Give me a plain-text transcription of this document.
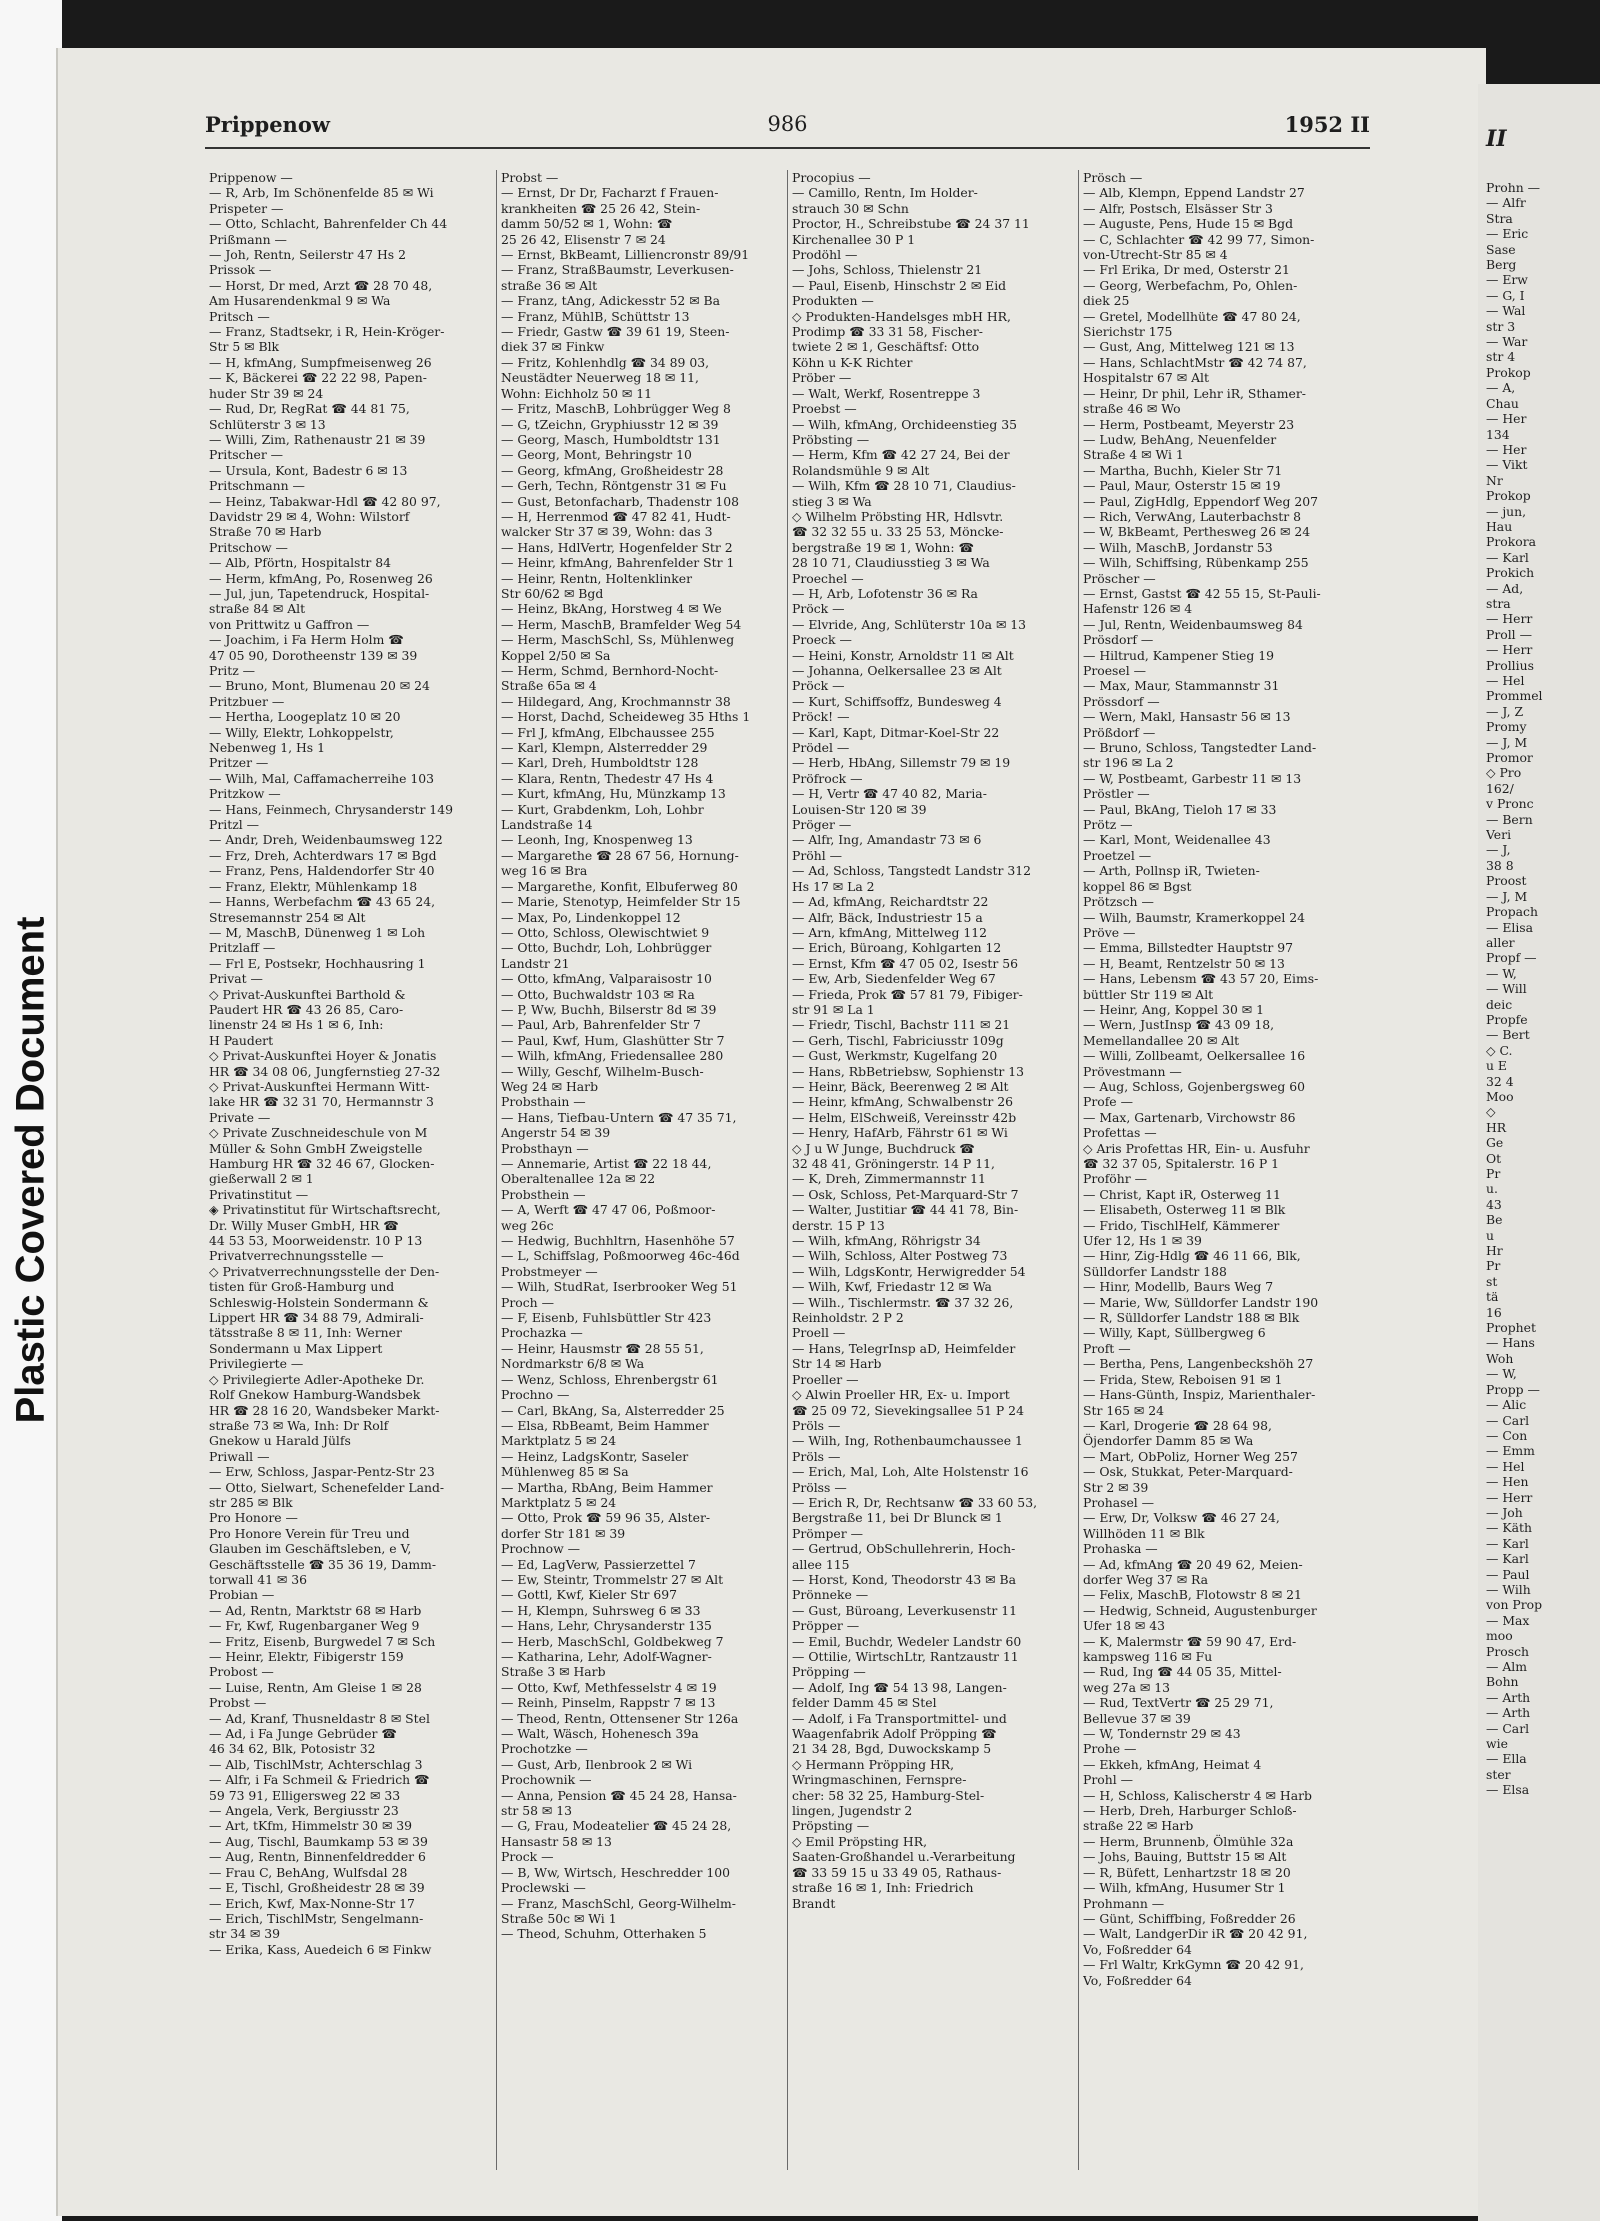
Plastic Covered Document
II
Prohn —
— Alfr
Stra
— Eric
Sase
Berg
— Erw
— G, I
— Wal
str 3
— War
str 4
Prokop
— A,
Chau
— Her
134
— Her
— Vikt
Nr
Prokop
— jun,
Hau
Prokora
— Karl
Prokich
— Ad,
stra
— Herr
Proll —
— Herr
Prollius
— Hel
Prommel
— J, Z
Promy
— J, M
Promor
◇ Pro
162/
v Pronc
— Bern
Veri
— J,
38 8
Proost
— J, M
Propach
— Elisa
aller
Propf —
— W,
— Will
deic
Propfe
— Bert
◇ C.
u E
32 4
Moo
◇
HR
Ge
Ot
Pr
u.
43
Be
u
Hr
Pr
st
tä
16
Prophet
— Hans
Woh
— W,
Propp —
— Alic
— Carl
— Con
— Emm
— Hel
— Hen
— Herr
— Joh
— Käth
— Karl
— Karl
— Paul
— Wilh
von Prop
— Max
moo
Prosch
— Alm
Bohn
— Arth
— Arth
— Carl
wie
— Ella
ster
— Elsa
Prippenow	986	1952 II
Prippenow —
— R, Arb, Im Schönenfelde 85 ✉ Wi
Prispeter —
— Otto, Schlacht, Bahrenfelder Ch 44
Prißmann —
— Joh, Rentn, Seilerstr 47 Hs 2
Prissok —
— Horst, Dr med, Arzt ☎ 28 70 48,
Am Husarendenkmal 9 ✉ Wa
Pritsch —
— Franz, Stadtsekr, i R, Hein-Kröger-
Str 5 ✉ Blk
— H, kfmAng, Sumpfmeisenweg 26
— K, Bäckerei ☎ 22 22 98, Papen-
huder Str 39 ✉ 24
— Rud, Dr, RegRat ☎ 44 81 75,
Schlüterstr 3 ✉ 13
— Willi, Zim, Rathenaustr 21 ✉ 39
Pritscher —
— Ursula, Kont, Badestr 6 ✉ 13
Pritschmann —
— Heinz, Tabakwar-Hdl ☎ 42 80 97,
Davidstr 29 ✉ 4, Wohn: Wilstorf
Straße 70 ✉ Harb
Pritschow —
— Alb, Pförtn, Hospitalstr 84
— Herm, kfmAng, Po, Rosenweg 26
— Jul, jun, Tapetendruck, Hospital-
straße 84 ✉ Alt
von Prittwitz u Gaffron —
— Joachim, i Fa Herm Holm ☎
47 05 90, Dorotheenstr 139 ✉ 39
Pritz —
— Bruno, Mont, Blumenau 20 ✉ 24
Pritzbuer —
— Hertha, Loogeplatz 10 ✉ 20
— Willy, Elektr, Lohkoppelstr,
Nebenweg 1, Hs 1
Pritzer —
— Wilh, Mal, Caffamacherreihe 103
Pritzkow —
— Hans, Feinmech, Chrysanderstr 149
Pritzl —
— Andr, Dreh, Weidenbaumsweg 122
— Frz, Dreh, Achterdwars 17 ✉ Bgd
— Franz, Pens, Haldendorfer Str 40
— Franz, Elektr, Mühlenkamp 18
— Hanns, Werbefachm ☎ 43 65 24,
Stresemannstr 254 ✉ Alt
— M, MaschB, Dünenweg 1 ✉ Loh
Pritzlaff —
— Frl E, Postsekr, Hochhausring 1
Privat —
◇ Privat-Auskunftei Barthold &
Paudert HR ☎ 43 26 85, Caro-
linenstr 24 ✉ Hs 1 ✉ 6, Inh:
H Paudert
◇ Privat-Auskunftei Hoyer & Jonatis
HR ☎ 34 08 06, Jungfernstieg 27-32
◇ Privat-Auskunftei Hermann Witt-
lake HR ☎ 32 31 70, Hermannstr 3
Private —
◇ Private Zuschneideschule von M
Müller & Sohn GmbH Zweigstelle
Hamburg HR ☎ 32 46 67, Glocken-
gießerwall 2 ✉ 1
Privatinstitut —
◈ Privatinstitut für Wirtschaftsrecht,
Dr. Willy Muser GmbH, HR ☎
44 53 53, Moorweidenstr. 10 P 13
Privatverrechnungsstelle —
◇ Privatverrechnungsstelle der Den-
tisten für Groß-Hamburg und
Schleswig-Holstein Sondermann &
Lippert HR ☎ 34 88 79, Admirali-
tätsstraße 8 ✉ 11, Inh: Werner
Sondermann u Max Lippert
Privilegierte —
◇ Privilegierte Adler-Apotheke Dr.
Rolf Gnekow Hamburg-Wandsbek
HR ☎ 28 16 20, Wandsbeker Markt-
straße 73 ✉ Wa, Inh: Dr Rolf
Gnekow u Harald Jülfs
Priwall —
— Erw, Schloss, Jaspar-Pentz-Str 23
— Otto, Sielwart, Schenefelder Land-
str 285 ✉ Blk
Pro Honore —
Pro Honore Verein für Treu und
Glauben im Geschäftsleben, e V,
Geschäftsstelle ☎ 35 36 19, Damm-
torwall 41 ✉ 36
Probian —
— Ad, Rentn, Marktstr 68 ✉ Harb
— Fr, Kwf, Rugenbarganer Weg 9
— Fritz, Eisenb, Burgwedel 7 ✉ Sch
— Heinr, Elektr, Fibigerstr 159
Probost —
— Luise, Rentn, Am Gleise 1 ✉ 28
Probst —
— Ad, Kranf, Thusneldastr 8 ✉ Stel
— Ad, i Fa Junge Gebrüder ☎
46 34 62, Blk, Potosistr 32
— Alb, TischlMstr, Achterschlag 3
— Alfr, i Fa Schmeil & Friedrich ☎
59 73 91, Elligersweg 22 ✉ 33
— Angela, Verk, Bergiusstr 23
— Art, tKfm, Himmelstr 30 ✉ 39
— Aug, Tischl, Baumkamp 53 ✉ 39
— Aug, Rentn, Binnenfeldredder 6
— Frau C, BehAng, Wulfsdal 28
— E, Tischl, Großheidestr 28 ✉ 39
— Erich, Kwf, Max-Nonne-Str 17
— Erich, TischlMstr, Sengelmann-
str 34 ✉ 39
— Erika, Kass, Auedeich 6 ✉ Finkw
Probst —
— Ernst, Dr Dr, Facharzt f Frauen-
krankheiten ☎ 25 26 42, Stein-
damm 50/52 ✉ 1, Wohn: ☎
25 26 42, Elisenstr 7 ✉ 24
— Ernst, BkBeamt, Lilliencronstr 89/91
— Franz, StraßBaumstr, Leverkusen-
straße 36 ✉ Alt
— Franz, tAng, Adickesstr 52 ✉ Ba
— Franz, MühlB, Schüttstr 13
— Friedr, Gastw ☎ 39 61 19, Steen-
diek 37 ✉ Finkw
— Fritz, Kohlenhdlg ☎ 34 89 03,
Neustädter Neuerweg 18 ✉ 11,
Wohn: Eichholz 50 ✉ 11
— Fritz, MaschB, Lohbrügger Weg 8
— G, tZeichn, Gryphiusstr 12 ✉ 39
— Georg, Masch, Humboldtstr 131
— Georg, Mont, Behringstr 10
— Georg, kfmAng, Großheidestr 28
— Gerh, Techn, Röntgenstr 31 ✉ Fu
— Gust, Betonfacharb, Thadenstr 108
— H, Herrenmod ☎ 47 82 41, Hudt-
walcker Str 37 ✉ 39, Wohn: das 3
— Hans, HdlVertr, Hogenfelder Str 2
— Heinr, kfmAng, Bahrenfelder Str 1
— Heinr, Rentn, Holtenklinker
Str 60/62 ✉ Bgd
— Heinz, BkAng, Horstweg 4 ✉ We
— Herm, MaschB, Bramfelder Weg 54
— Herm, MaschSchl, Ss, Mühlenweg
Koppel 2/50 ✉ Sa
— Herm, Schmd, Bernhord-Nocht-
Straße 65a ✉ 4
— Hildegard, Ang, Krochmannstr 38
— Horst, Dachd, Scheideweg 35 Hths 1
— Frl J, kfmAng, Elbchaussee 255
— Karl, Klempn, Alsterredder 29
— Karl, Dreh, Humboldtstr 128
— Klara, Rentn, Thedestr 47 Hs 4
— Kurt, kfmAng, Hu, Münzkamp 13
— Kurt, Grabdenkm, Loh, Lohbr
Landstraße 14
— Leonh, Ing, Knospenweg 13
— Margarethe ☎ 28 67 56, Hornung-
weg 16 ✉ Bra
— Margarethe, Konfit, Elbuferweg 80
— Marie, Stenotyp, Heimfelder Str 15
— Max, Po, Lindenkoppel 12
— Otto, Schloss, Olewischtwiet 9
— Otto, Buchdr, Loh, Lohbrügger
Landstr 21
— Otto, kfmAng, Valparaisostr 10
— Otto, Buchwaldstr 103 ✉ Ra
— P, Ww, Buchh, Bilserstr 8d ✉ 39
— Paul, Arb, Bahrenfelder Str 7
— Paul, Kwf, Hum, Glashütter Str 7
— Wilh, kfmAng, Friedensallee 280
— Willy, Geschf, Wilhelm-Busch-
Weg 24 ✉ Harb
Probsthain —
— Hans, Tiefbau-Untern ☎ 47 35 71,
Angerstr 54 ✉ 39
Probsthayn —
— Annemarie, Artist ☎ 22 18 44,
Oberaltenallee 12a ✉ 22
Probsthein —
— A, Werft ☎ 47 47 06, Poßmoor-
weg 26c
— Hedwig, Buchhltrn, Hasenhöhe 57
— L, Schiffslag, Poßmoorweg 46c-46d
Probstmeyer —
— Wilh, StudRat, Iserbrooker Weg 51
Proch —
— F, Eisenb, Fuhlsbüttler Str 423
Prochazka —
— Heinr, Hausmstr ☎ 28 55 51,
Nordmarkstr 6/8 ✉ Wa
— Wenz, Schloss, Ehrenbergstr 61
Prochno —
— Carl, BkAng, Sa, Alsterredder 25
— Elsa, RbBeamt, Beim Hammer
Marktplatz 5 ✉ 24
— Heinz, LadgsKontr, Saseler
Mühlenweg 85 ✉ Sa
— Martha, RbAng, Beim Hammer
Marktplatz 5 ✉ 24
— Otto, Prok ☎ 59 96 35, Alster-
dorfer Str 181 ✉ 39
Prochnow —
— Ed, LagVerw, Passierzettel 7
— Ew, Steintr, Trommelstr 27 ✉ Alt
— Gottl, Kwf, Kieler Str 697
— H, Klempn, Suhrsweg 6 ✉ 33
— Hans, Lehr, Chrysanderstr 135
— Herb, MaschSchl, Goldbekweg 7
— Katharina, Lehr, Adolf-Wagner-
Straße 3 ✉ Harb
— Otto, Kwf, Methfesselstr 4 ✉ 19
— Reinh, Pinselm, Rappstr 7 ✉ 13
— Theod, Rentn, Ottensener Str 126a
— Walt, Wäsch, Hohenesch 39a
Prochotzke —
— Gust, Arb, Ilenbrook 2 ✉ Wi
Prochownik —
— Anna, Pension ☎ 45 24 28, Hansa-
str 58 ✉ 13
— G, Frau, Modeatelier ☎ 45 24 28,
Hansastr 58 ✉ 13
Prock —
— B, Ww, Wirtsch, Heschredder 100
Proclewski —
— Franz, MaschSchl, Georg-Wilhelm-
Straße 50c ✉ Wi 1
— Theod, Schuhm, Otterhaken 5
Procopius —
— Camillo, Rentn, Im Holder-
strauch 30 ✉ Schn
Proctor, H., Schreibstube ☎ 24 37 11
Kirchenallee 30 P 1
Prodöhl —
— Johs, Schloss, Thielenstr 21
— Paul, Eisenb, Hinschstr 2 ✉ Eid
Produkten —
◇ Produkten-Handelsges mbH HR,
Prodimp ☎ 33 31 58, Fischer-
twiete 2 ✉ 1, Geschäftsf: Otto
Köhn u K-K Richter
Pröber —
— Walt, Werkf, Rosentreppe 3
Proebst —
— Wilh, kfmAng, Orchideenstieg 35
Pröbsting —
— Herm, Kfm ☎ 42 27 24, Bei der
Rolandsmühle 9 ✉ Alt
— Wilh, Kfm ☎ 28 10 71, Claudius-
stieg 3 ✉ Wa
◇ Wilhelm Pröbsting HR, Hdlsvtr.
☎ 32 32 55 u. 33 25 53, Möncke-
bergstraße 19 ✉ 1, Wohn: ☎
28 10 71, Claudiusstieg 3 ✉ Wa
Proechel —
— H, Arb, Lofotenstr 36 ✉ Ra
Pröck —
— Elvride, Ang, Schlüterstr 10a ✉ 13
Proeck —
— Heini, Konstr, Arnoldstr 11 ✉ Alt
— Johanna, Oelkersallee 23 ✉ Alt
Pröck —
— Kurt, Schiffsoffz, Bundesweg 4
Pröck! —
— Karl, Kapt, Ditmar-Koel-Str 22
Prödel —
— Herb, HbAng, Sillemstr 79 ✉ 19
Pröfrock —
— H, Vertr ☎ 47 40 82, Maria-
Louisen-Str 120 ✉ 39
Pröger —
— Alfr, Ing, Amandastr 73 ✉ 6
Pröhl —
— Ad, Schloss, Tangstedt Landstr 312
Hs 17 ✉ La 2
— Ad, kfmAng, Reichardtstr 22
— Alfr, Bäck, Industriestr 15 a
— Arn, kfmAng, Mittelweg 112
— Erich, Büroang, Kohlgarten 12
— Ernst, Kfm ☎ 47 05 02, Isestr 56
— Ew, Arb, Siedenfelder Weg 67
— Frieda, Prok ☎ 57 81 79, Fibiger-
str 91 ✉ La 1
— Friedr, Tischl, Bachstr 111 ✉ 21
— Gerh, Tischl, Fabriciusstr 109g
— Gust, Werkmstr, Kugelfang 20
— Hans, RbBetriebsw, Sophienstr 13
— Heinr, Bäck, Beerenweg 2 ✉ Alt
— Heinr, kfmAng, Schwalbenstr 26
— Helm, ElSchweiß, Vereinsstr 42b
— Henry, HafArb, Fährstr 61 ✉ Wi
◇ J u W Junge, Buchdruck ☎
32 48 41, Gröningerstr. 14 P 11,
— K, Dreh, Zimmermannstr 11
— Osk, Schloss, Pet-Marquard-Str 7
— Walter, Justitiar ☎ 44 41 78, Bin-
derstr. 15 P 13
— Wilh, kfmAng, Röhrigstr 34
— Wilh, Schloss, Alter Postweg 73
— Wilh, LdgsKontr, Herwigredder 54
— Wilh, Kwf, Friedastr 12 ✉ Wa
— Wilh., Tischlermstr. ☎ 37 32 26,
Reinholdstr. 2 P 2
Proell —
— Hans, TelegrInsp aD, Heimfelder
Str 14 ✉ Harb
Proeller —
◇ Alwin Proeller HR, Ex- u. Import
☎ 25 09 72, Sievekingsallee 51 P 24
Pröls —
— Wilh, Ing, Rothenbaumchaussee 1
Pröls —
— Erich, Mal, Loh, Alte Holstenstr 16
Prölss —
— Erich R, Dr, Rechtsanw ☎ 33 60 53,
Bergstraße 11, bei Dr Blunck ✉ 1
Prömper —
— Gertrud, ObSchullehrerin, Hoch-
allee 115
— Horst, Kond, Theodorstr 43 ✉ Ba
Prönneke —
— Gust, Büroang, Leverkusenstr 11
Pröpper —
— Emil, Buchdr, Wedeler Landstr 60
— Ottilie, WirtschLtr, Rantzaustr 11
Pröpping —
— Adolf, Ing ☎ 54 13 98, Langen-
felder Damm 45 ✉ Stel
— Adolf, i Fa Transportmittel- und
Waagenfabrik Adolf Pröpping ☎
21 34 28, Bgd, Duwockskamp 5
◇ Hermann Pröpping HR,
Wringmaschinen, Fernspre-
cher: 58 32 25, Hamburg-Stel-
lingen, Jugendstr 2
Pröpsting —
◇ Emil Pröpsting HR,
Saaten-Großhandel u.-Verarbeitung
☎ 33 59 15 u 33 49 05, Rathaus-
straße 16 ✉ 1, Inh: Friedrich
Brandt
Prösch —
— Alb, Klempn, Eppend Landstr 27
— Alfr, Postsch, Elsässer Str 3
— Auguste, Pens, Hude 15 ✉ Bgd
— C, Schlachter ☎ 42 99 77, Simon-
von-Utrecht-Str 85 ✉ 4
— Frl Erika, Dr med, Osterstr 21
— Georg, Werbefachm, Po, Ohlen-
diek 25
— Gretel, Modellhüte ☎ 47 80 24,
Sierichstr 175
— Gust, Ang, Mittelweg 121 ✉ 13
— Hans, SchlachtMstr ☎ 42 74 87,
Hospitalstr 67 ✉ Alt
— Heinr, Dr phil, Lehr iR, Sthamer-
straße 46 ✉ Wo
— Herm, Postbeamt, Meyerstr 23
— Ludw, BehAng, Neuenfelder
Straße 4 ✉ Wi 1
— Martha, Buchh, Kieler Str 71
— Paul, Maur, Osterstr 15 ✉ 19
— Paul, ZigHdlg, Eppendorf Weg 207
— Rich, VerwAng, Lauterbachstr 8
— W, BkBeamt, Perthesweg 26 ✉ 24
— Wilh, MaschB, Jordanstr 53
— Wilh, Schiffsing, Rübenkamp 255
Pröscher —
— Ernst, Gastst ☎ 42 55 15, St-Pauli-
Hafenstr 126 ✉ 4
— Jul, Rentn, Weidenbaumsweg 84
Prösdorf —
— Hiltrud, Kampener Stieg 19
Proesel —
— Max, Maur, Stammannstr 31
Prössdorf —
— Wern, Makl, Hansastr 56 ✉ 13
Prößdorf —
— Bruno, Schloss, Tangstedter Land-
str 196 ✉ La 2
— W, Postbeamt, Garbestr 11 ✉ 13
Pröstler —
— Paul, BkAng, Tieloh 17 ✉ 33
Prötz —
— Karl, Mont, Weidenallee 43
Proetzel —
— Arth, Pollnsp iR, Twieten-
koppel 86 ✉ Bgst
Prötzsch —
— Wilh, Baumstr, Kramerkoppel 24
Pröve —
— Emma, Billstedter Hauptstr 97
— H, Beamt, Rentzelstr 50 ✉ 13
— Hans, Lebensm ☎ 43 57 20, Eims-
büttler Str 119 ✉ Alt
— Heinr, Ang, Koppel 30 ✉ 1
— Wern, JustInsp ☎ 43 09 18,
Memellandallee 20 ✉ Alt
— Willi, Zollbeamt, Oelkersallee 16
Prövestmann —
— Aug, Schloss, Gojenbergsweg 60
Profe —
— Max, Gartenarb, Virchowstr 86
Profettas —
◇ Aris Profettas HR, Ein- u. Ausfuhr
☎ 32 37 05, Spitalerstr. 16 P 1
Proföhr —
— Christ, Kapt iR, Osterweg 11
— Elisabeth, Osterweg 11 ✉ Blk
— Frido, TischlHelf, Kämmerer
Ufer 12, Hs 1 ✉ 39
— Hinr, Zig-Hdlg ☎ 46 11 66, Blk,
Sülldorfer Landstr 188
— Hinr, Modellb, Baurs Weg 7
— Marie, Ww, Sülldorfer Landstr 190
— R, Sülldorfer Landstr 188 ✉ Blk
— Willy, Kapt, Süllbergweg 6
Proft —
— Bertha, Pens, Langenbeckshöh 27
— Frida, Stew, Reboisen 91 ✉ 1
— Hans-Günth, Inspiz, Marienthaler-
Str 165 ✉ 24
— Karl, Drogerie ☎ 28 64 98,
Öjendorfer Damm 85 ✉ Wa
— Mart, ObPoliz, Horner Weg 257
— Osk, Stukkat, Peter-Marquard-
Str 2 ✉ 39
Prohasel —
— Erw, Dr, Volksw ☎ 46 27 24,
Willhöden 11 ✉ Blk
Prohaska —
— Ad, kfmAng ☎ 20 49 62, Meien-
dorfer Weg 37 ✉ Ra
— Felix, MaschB, Flotowstr 8 ✉ 21
— Hedwig, Schneid, Augustenburger
Ufer 18 ✉ 43
— K, Malermstr ☎ 59 90 47, Erd-
kampsweg 116 ✉ Fu
— Rud, Ing ☎ 44 05 35, Mittel-
weg 27a ✉ 13
— Rud, TextVertr ☎ 25 29 71,
Bellevue 37 ✉ 39
— W, Tondernstr 29 ✉ 43
Prohe —
— Ekkeh, kfmAng, Heimat 4
Prohl —
— H, Schloss, Kalischerstr 4 ✉ Harb
— Herb, Dreh, Harburger Schloß-
straße 22 ✉ Harb
— Herm, Brunnenb, Ölmühle 32a
— Johs, Bauing, Buttstr 15 ✉ Alt
— R, Büfett, Lenhartzstr 18 ✉ 20
— Wilh, kfmAng, Husumer Str 1
Prohmann —
— Günt, Schiffbing, Foßredder 26
— Walt, LandgerDir iR ☎ 20 42 91,
Vo, Foßredder 64
— Frl Waltr, KrkGymn ☎ 20 42 91,
Vo, Foßredder 64
